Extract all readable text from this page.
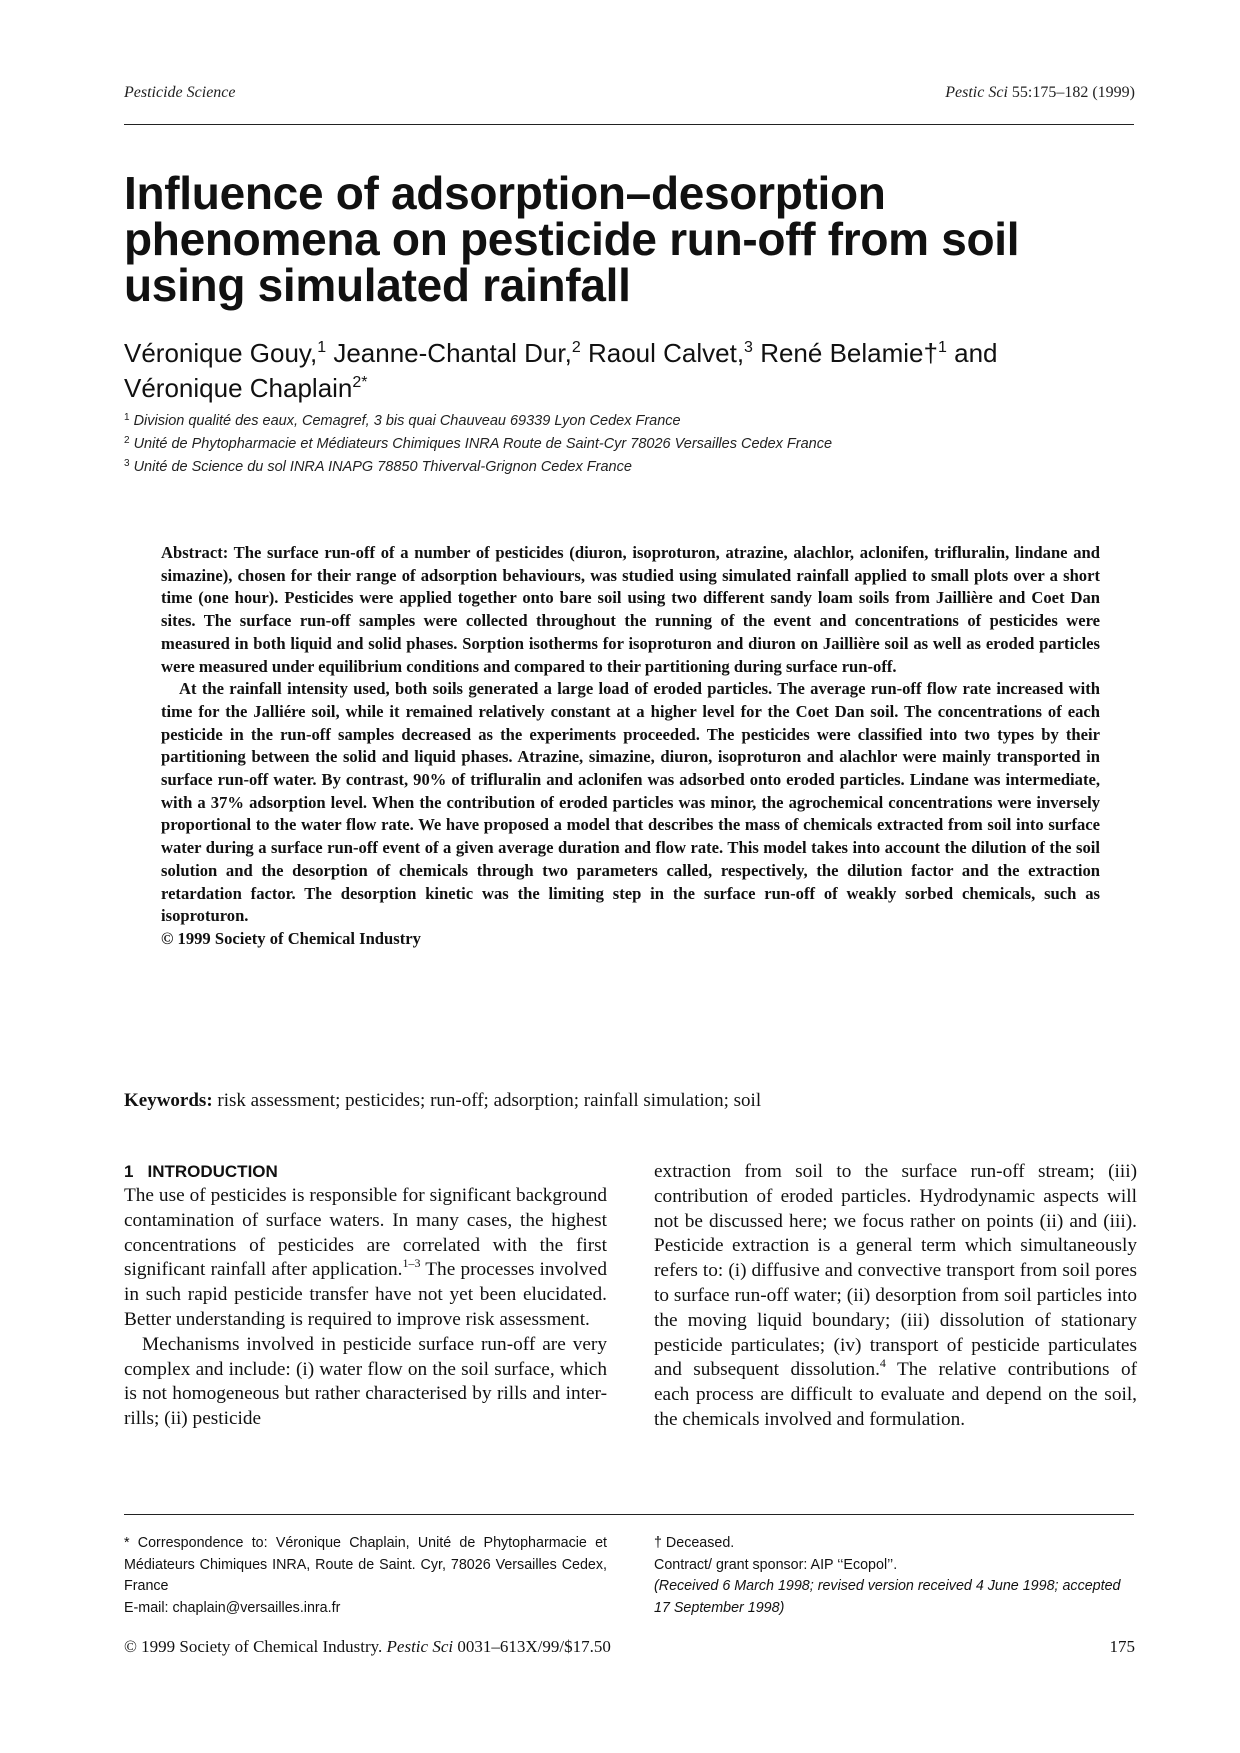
Pesticide Science	Pestic Sci 55:175–182 (1999)
Influence of adsorption–desorption phenomena on pesticide run-off from soil using simulated rainfall
Véronique Gouy,$^1$ Jeanne-Chantal Dur,$^2$ Raoul Calvet,$^3$ René Belamie†$^1$ and
Véronique Chaplain$^{2*}$
$^1$ Division qualité des eaux, Cemagref, 3 bis quai Chauveau 69339 Lyon Cedex France
$^2$ Unité de Phytopharmacie et Médiateurs Chimiques INRA Route de Saint-Cyr 78026 Versailles Cedex France
$^3$ Unité de Science du sol INRA INAPG 78850 Thiverval-Grignon Cedex France

Abstract: The surface run-off of a number of pesticides (diuron, isoproturon, atrazine, alachlor, aclonifen, trifluralin, lindane and simazine), chosen for their range of adsorption behaviours, was studied using simulated rainfall applied to small plots over a short time (one hour). Pesticides were applied together onto bare soil using two different sandy loam soils from Jaillière and Coet Dan sites. The surface run-off samples were collected throughout the running of the event and concentrations of pesticides were measured in both liquid and solid phases. Sorption isotherms for isoproturon and diuron on Jaillière soil as well as eroded particles were measured under equilibrium conditions and compared to their partitioning during surface run-off.

At the rainfall intensity used, both soils generated a large load of eroded particles. The average run-off flow rate increased with time for the Jalliére soil, while it remained relatively constant at a higher level for the Coet Dan soil. The concentrations of each pesticide in the run-off samples decreased as the experiments proceeded. The pesticides were classified into two types by their partitioning between the solid and liquid phases. Atrazine, simazine, diuron, isoproturon and alachlor were mainly transported in surface run-off water. By contrast, 90% of trifluralin and aclonifen was adsorbed onto eroded particles. Lindane was intermediate, with a 37% adsorption level. When the contribution of eroded particles was minor, the agrochemical concentrations were inversely proportional to the water flow rate. We have proposed a model that describes the mass of chemicals extracted from soil into surface water during a surface run-off event of a given average duration and flow rate. This model takes into account the dilution of the soil solution and the desorption of chemicals through two parameters called, respectively, the dilution factor and the extraction retardation factor. The desorption kinetic was the limiting step in the surface run-off of weakly sorbed chemicals, such as isoproturon.

© 1999 Society of Chemical Industry

Keywords: risk assessment; pesticides; run-off; adsorption; rainfall simulation; soil
1 INTRODUCTION

The use of pesticides is responsible for significant background contamination of surface waters. In many cases, the highest concentrations of pesticides are correlated with the first significant rainfall after application.$^{1-3}$ The processes involved in such rapid pesticide transfer have not yet been elucidated. Better understanding is required to improve risk assessment.

Mechanisms involved in pesticide surface run-off are very complex and include: (i) water flow on the soil surface, which is not homogeneous but rather characterised by rills and inter-rills; (ii) pesticide

extraction from soil to the surface run-off stream; (iii) contribution of eroded particles. Hydrodynamic aspects will not be discussed here; we focus rather on points (ii) and (iii). Pesticide extraction is a general term which simultaneously refers to: (i) diffusive and convective transport from soil pores to surface run-off water; (ii) desorption from soil particles into the moving liquid boundary; (iii) dissolution of stationary pesticide particulates; (iv) transport of pesticide particulates and subsequent dissolution.$^4$ The relative contributions of each process are difficult to evaluate and depend on the soil, the chemicals involved and formulation.

* Correspondence to: Véronique Chaplain, Unité de Phytopharmacie et Médiateurs Chimiques INRA, Route de Saint. Cyr, 78026 Versailles Cedex, France

E-mail: chaplain@versailles.inra.fr

† Deceased.

Contract/ grant sponsor: AIP ‘‘Ecopol’’.

(Received 6 March 1998; revised version received 4 June 1998; accepted 17 September 1998)

© 1999 Society of Chemical Industry. Pestic Sci 0031–613X/99/$17.50	175
